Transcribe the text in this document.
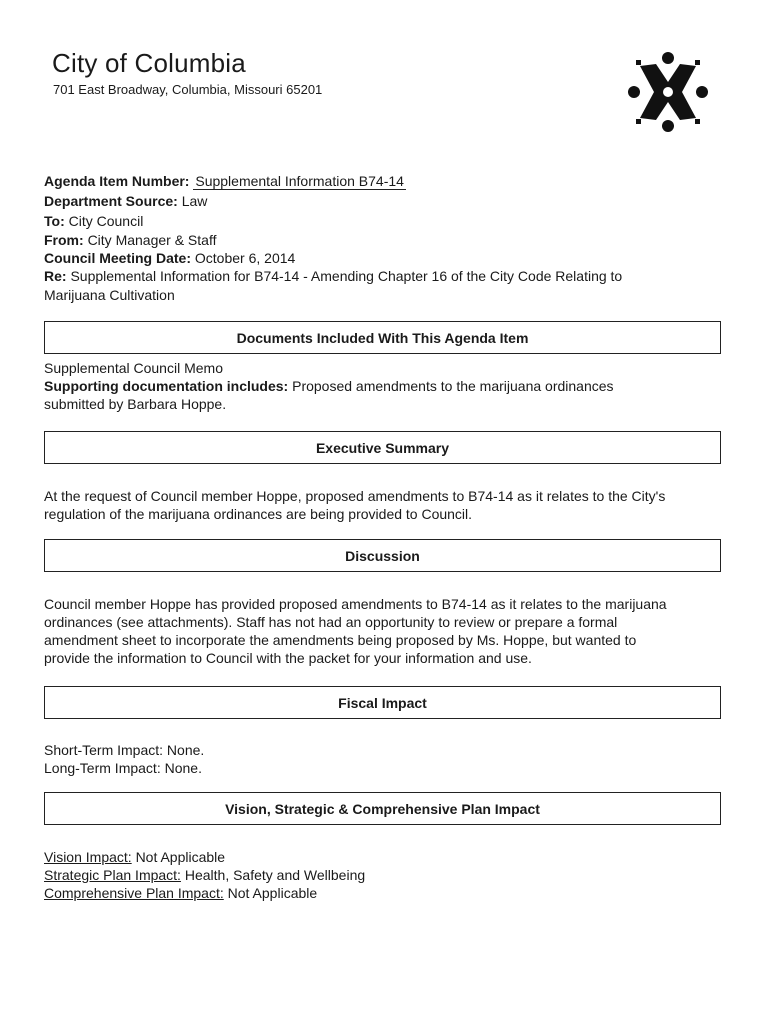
City of Columbia
701 East Broadway, Columbia, Missouri 65201
Agenda Item Number: Supplemental Information B74-14
Department Source: Law
To: City Council
From: City Manager & Staff
Council Meeting Date: October 6, 2014
Re: Supplemental Information for B74-14 - Amending Chapter 16 of the City Code Relating to
Marijuana Cultivation
Documents Included With This Agenda Item
Supplemental Council Memo
Supporting documentation includes: Proposed amendments to the marijuana ordinances
submitted by Barbara Hoppe.
Executive Summary
At the request of Council member Hoppe, proposed amendments to B74-14 as it relates to the City's
regulation of the marijuana ordinances are being provided to Council.
Discussion
Council member Hoppe has provided proposed amendments to B74-14 as it relates to the marijuana
ordinances (see attachments). Staff has not had an opportunity to review or prepare a formal
amendment sheet to incorporate the amendments being proposed by Ms. Hoppe, but wanted to
provide the information to Council with the packet for your information and use.
Fiscal Impact
Short-Term Impact: None.
Long-Term Impact: None.
Vision, Strategic & Comprehensive Plan Impact
Vision Impact: Not Applicable
Strategic Plan Impact: Health, Safety and Wellbeing
Comprehensive Plan Impact: Not Applicable
